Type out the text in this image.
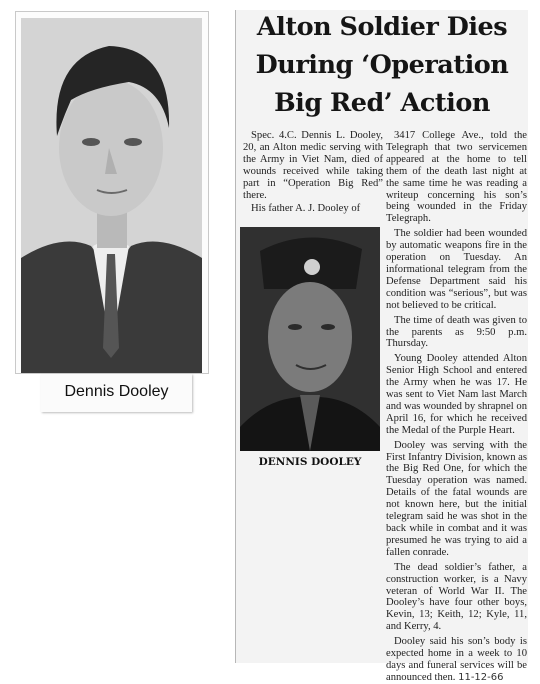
Dennis Dooley
Alton Soldier Dies
During ‘Operation
Big Red’ Action

Spec. 4.C. Dennis L. Dooley, 20, an Alton medic serving with the Army in Viet Nam, died of wounds received while taking part in “Operation Big Red” there.

His father A. J. Dooley of

DENNIS DOOLEY

3417 College Ave., told the Telegraph that two servicemen appeared at the home to tell them of the death last night at the same time he was reading a writeup concerning his son’s being wounded in the Friday Telegraph.

The soldier had been wounded by automatic weapons fire in the operation on Tuesday. An informational telegram from the Defense Department said his condition was “serious”, but was not believed to be critical.

The time of death was given to the parents as 9:50 p.m. Thursday.

Young Dooley attended Alton Senior High School and entered the Army when he was 17. He was sent to Viet Nam last March and was wounded by shrapnel on April 16, for which he received the Medal of the Purple Heart.

Dooley was serving with the First Infantry Division, known as the Big Red One, for which the Tuesday operation was named. Details of the fatal wounds are not known here, but the initial telegram said he was shot in the back while in combat and it was presumed he was trying to aid a fallen conrade.

The dead soldier’s father, a construction worker, is a Navy veteran of World War II. The Dooley’s have four other boys, Kevin, 13; Keith, 12; Kyle, 11, and Kerry, 4.

Dooley said his son’s body is expected home in a week to 10 days and funeral services will be announced then. 11-12-66
